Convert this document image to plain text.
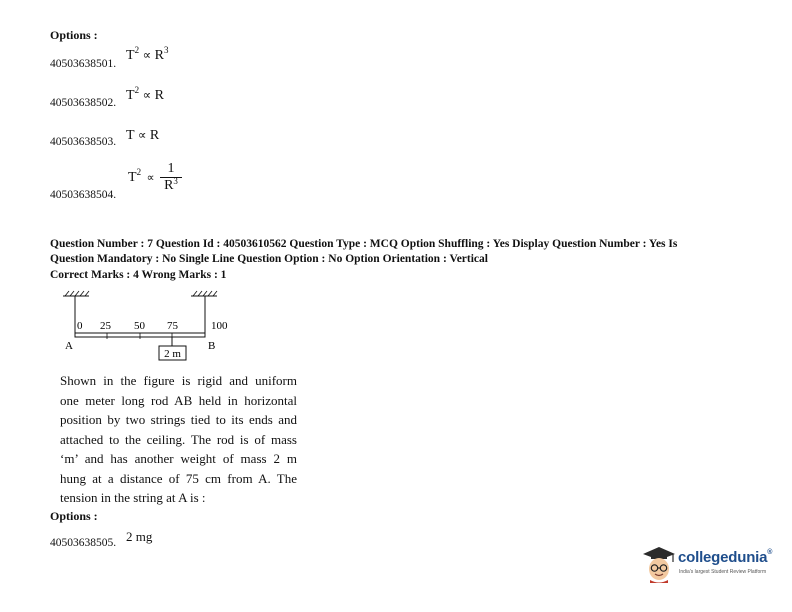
Options :
40503638501.
$T^2 \propto R^3$
40503638502. $T^2 \propto R$
40503638503. T ∝ R
40503638504.
$T^2$ ∝
1
$R^3$
Question Number : 7 Question Id : 40503610562 Question Type : MCQ Option Shuffling : Yes Display Question Number : Yes Is
Question Mandatory : No Single Line Question Option : No Option Orientation : Vertical
Correct Marks : 4 Wrong Marks : 1
2 m
0 25 50 75	100
A	B
Shown in the figure is rigid and uniform
one meter long rod AB held in horizontal
position by two strings tied to its ends and
attached to the ceiling. The rod is of mass
‘m’ and has another weight of mass 2 m
hung at a distance of 75 cm from A. The
tension in the string at A is :
Options :
40503638505. 2 mg
collegedunia®
India's largest Student Review Platform
